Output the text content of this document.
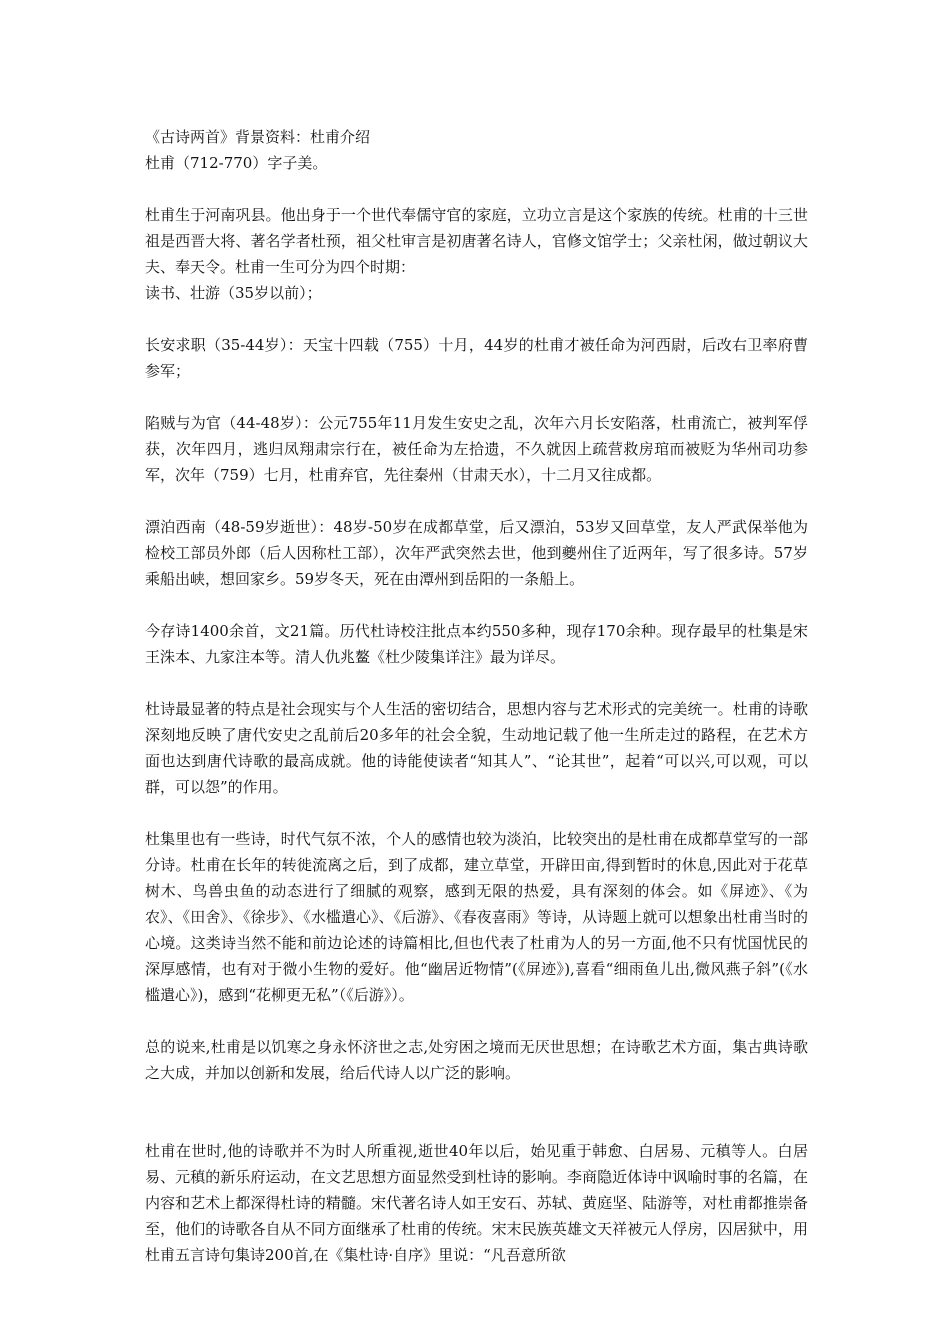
《古诗两首》背景资料：杜甫介绍

杜甫（712-770）字子美。

杜甫生于河南巩县。他出身于一个世代奉儒守官的家庭，立功立言是这个家族的传统。杜甫的十三世祖是西晋大将、著名学者杜预，祖父杜审言是初唐著名诗人，官修文馆学士；父亲杜闲，做过朝议大夫、奉天令。杜甫一生可分为四个时期：

读书、壮游（35岁以前）；

长安求职（35-44岁）：天宝十四载（755）十月，44岁的杜甫才被任命为河西尉，后改右卫率府曹参军；

陷贼与为官（44-48岁）：公元755年11月发生安史之乱，次年六月长安陷落，杜甫流亡，被判军俘获，次年四月，逃归凤翔肃宗行在，被任命为左拾遗，不久就因上疏营救房琯而被贬为华州司功参军，次年（759）七月，杜甫弃官，先往秦州（甘肃天水），十二月又往成都。

漂泊西南（48-59岁逝世）：48岁-50岁在成都草堂，后又漂泊，53岁又回草堂，友人严武保举他为检校工部员外郎（后人因称杜工部），次年严武突然去世，他到夔州住了近两年，写了很多诗。57岁乘船出峡，想回家乡。59岁冬天，死在由潭州到岳阳的一条船上。

今存诗1400余首，文21篇。历代杜诗校注批点本约550多种，现存170余种。现存最早的杜集是宋王洙本、九家注本等。清人仇兆鳌《杜少陵集详注》最为详尽。

杜诗最显著的特点是社会现实与个人生活的密切结合，思想内容与艺术形式的完美统一。杜甫的诗歌深刻地反映了唐代安史之乱前后20多年的社会全貌，生动地记载了他一生所走过的路程，在艺术方面也达到唐代诗歌的最高成就。他的诗能使读者“知其人”、“论其世”，起着“可以兴,可以观，可以群，可以怨”的作用。

杜集里也有一些诗，时代气氛不浓，个人的感情也较为淡泊，比较突出的是杜甫在成都草堂写的一部分诗。杜甫在长年的转徙流离之后，到了成都，建立草堂，开辟田亩,得到暂时的休息,因此对于花草树木、鸟兽虫鱼的动态进行了细腻的观察，感到无限的热爱，具有深刻的体会。如《屏迹》、《为农》、《田舍》、《徐步》、《水槛遣心》、《后游》、《春夜喜雨》等诗，从诗题上就可以想象出杜甫当时的心境。这类诗当然不能和前边论述的诗篇相比,但也代表了杜甫为人的另一方面,他不只有忧国忧民的深厚感情，也有对于微小生物的爱好。他“幽居近物情”(《屏迹》),喜看“细雨鱼儿出,微风燕子斜”(《水槛遣心》)，感到“花柳更无私”（《后游》）。

总的说来,杜甫是以饥寒之身永怀济世之志,处穷困之境而无厌世思想；在诗歌艺术方面，集古典诗歌之大成，并加以创新和发展，给后代诗人以广泛的影响。

杜甫在世时,他的诗歌并不为时人所重视,逝世40年以后，始见重于韩愈、白居易、元稹等人。白居易、元稹的新乐府运动，在文艺思想方面显然受到杜诗的影响。李商隐近体诗中讽喻时事的名篇，在内容和艺术上都深得杜诗的精髓。宋代著名诗人如王安石、苏轼、黄庭坚、陆游等，对杜甫都推崇备至，他们的诗歌各自从不同方面继承了杜甫的传统。宋末民族英雄文天祥被元人俘房，囚居狱中，用杜甫五言诗句集诗200首,在《集杜诗·自序》里说：“凡吾意所欲
